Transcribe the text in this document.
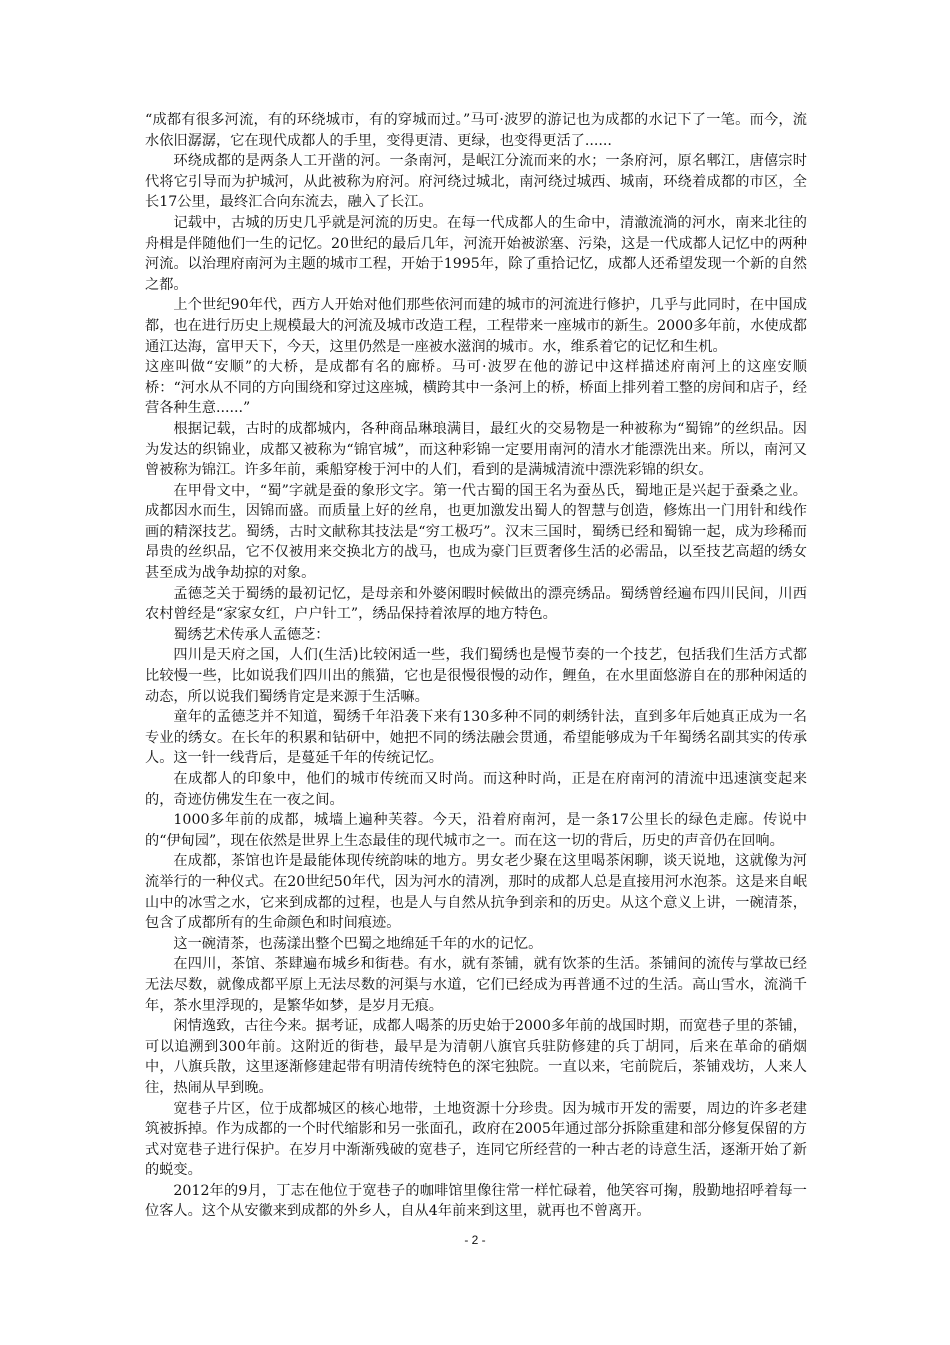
“成都有很多河流，有的环绕城市，有的穿城而过。”马可·波罗的游记也为成都的水记下了一笔。而今，流水依旧潺潺，它在现代成都人的手里，变得更清、更绿，也变得更活了......

环绕成都的是两条人工开凿的河。一条南河，是岷江分流而来的水；一条府河，原名郫江，唐僖宗时代将它引导而为护城河，从此被称为府河。府河绕过城北，南河绕过城西、城南，环绕着成都的市区，全长17公里，最终汇合向东流去，融入了长江。

记载中，古城的历史几乎就是河流的历史。在每一代成都人的生命中，清澈流淌的河水，南来北往的舟楫是伴随他们一生的记忆。20世纪的最后几年，河流开始被淤塞、污染，这是一代成都人记忆中的两种河流。以治理府南河为主题的城市工程，开始于1995年，除了重拾记忆，成都人还希望发现一个新的自然之都。

上个世纪90年代，西方人开始对他们那些依河而建的城市的河流进行修护，几乎与此同时，在中国成都，也在进行历史上规模最大的河流及城市改造工程，工程带来一座城市的新生。2000多年前，水使成都通江达海，富甲天下，今天，这里仍然是一座被水滋润的城市。水，维系着它的记忆和生机。

这座叫做“安顺”的大桥，是成都有名的廊桥。马可·波罗在他的游记中这样描述府南河上的这座安顺桥：“河水从不同的方向围绕和穿过这座城，横跨其中一条河上的桥，桥面上排列着工整的房间和店子，经营各种生意......”

根据记载，古时的成都城内，各种商品琳琅满目，最红火的交易物是一种被称为“蜀锦”的丝织品。因为发达的织锦业，成都又被称为“锦官城”，而这种彩锦一定要用南河的清水才能漂洗出来。所以，南河又曾被称为锦江。许多年前，乘船穿梭于河中的人们，看到的是满城清流中漂洗彩锦的织女。

在甲骨文中，“蜀”字就是蚕的象形文字。第一代古蜀的国王名为蚕丛氏，蜀地正是兴起于蚕桑之业。成都因水而生，因锦而盛。而质量上好的丝帛，也更加激发出蜀人的智慧与创造，修炼出一门用针和线作画的精深技艺。蜀绣，古时文献称其技法是“穷工极巧”。汉末三国时，蜀绣已经和蜀锦一起，成为珍稀而昂贵的丝织品，它不仅被用来交换北方的战马，也成为豪门巨贾奢侈生活的必需品，以至技艺高超的绣女甚至成为战争劫掠的对象。

孟德芝关于蜀绣的最初记忆，是母亲和外婆闲暇时候做出的漂亮绣品。蜀绣曾经遍布四川民间，川西农村曾经是“家家女红，户户针工”，绣品保持着浓厚的地方特色。

蜀绣艺术传承人孟德芝：

四川是天府之国，人们(生活)比较闲适一些，我们蜀绣也是慢节奏的一个技艺，包括我们生活方式都比较慢一些，比如说我们四川出的熊猫，它也是很慢很慢的动作，鲤鱼，在水里面悠游自在的那种闲适的动态，所以说我们蜀绣肯定是来源于生活嘛。

童年的孟德芝并不知道，蜀绣千年沿袭下来有130多种不同的刺绣针法，直到多年后她真正成为一名专业的绣女。在长年的积累和钻研中，她把不同的绣法融会贯通，希望能够成为千年蜀绣名副其实的传承人。这一针一线背后，是蔓延千年的传统记忆。

在成都人的印象中，他们的城市传统而又时尚。而这种时尚，正是在府南河的清流中迅速演变起来的，奇迹仿佛发生在一夜之间。

1000多年前的成都，城墙上遍种芙蓉。今天，沿着府南河，是一条17公里长的绿色走廊。传说中的“伊甸园”，现在依然是世界上生态最佳的现代城市之一。而在这一切的背后，历史的声音仍在回响。

在成都，茶馆也许是最能体现传统韵味的地方。男女老少聚在这里喝茶闲聊，谈天说地，这就像为河流举行的一种仪式。在20世纪50年代，因为河水的清冽，那时的成都人总是直接用河水泡茶。这是来自岷山中的冰雪之水，它来到成都的过程，也是人与自然从抗争到亲和的历史。从这个意义上讲，一碗清茶，包含了成都所有的生命颜色和时间痕迹。

这一碗清茶，也荡漾出整个巴蜀之地绵延千年的水的记忆。

在四川，茶馆、茶肆遍布城乡和街巷。有水，就有茶铺，就有饮茶的生活。茶铺间的流传与掌故已经无法尽数，就像成都平原上无法尽数的河渠与水道，它们已经成为再普通不过的生活。高山雪水，流淌千年，茶水里浮现的，是繁华如梦，是岁月无痕。

闲情逸致，古往今来。据考证，成都人喝茶的历史始于2000多年前的战国时期，而宽巷子里的茶铺，可以追溯到300年前。这附近的街巷，最早是为清朝八旗官兵驻防修建的兵丁胡同，后来在革命的硝烟中，八旗兵散，这里逐渐修建起带有明清传统特色的深宅独院。一直以来，宅前院后，茶铺戏坊，人来人往，热闹从早到晚。

宽巷子片区，位于成都城区的核心地带，土地资源十分珍贵。因为城市开发的需要，周边的许多老建筑被拆掉。作为成都的一个时代缩影和另一张面孔，政府在2005年通过部分拆除重建和部分修复保留的方式对宽巷子进行保护。在岁月中渐渐残破的宽巷子，连同它所经营的一种古老的诗意生活，逐渐开始了新的蜕变。

2012年的9月，丁志在他位于宽巷子的咖啡馆里像往常一样忙碌着，他笑容可掬，殷勤地招呼着每一位客人。这个从安徽来到成都的外乡人，自从4年前来到这里，就再也不曾离开。

- 2 -
